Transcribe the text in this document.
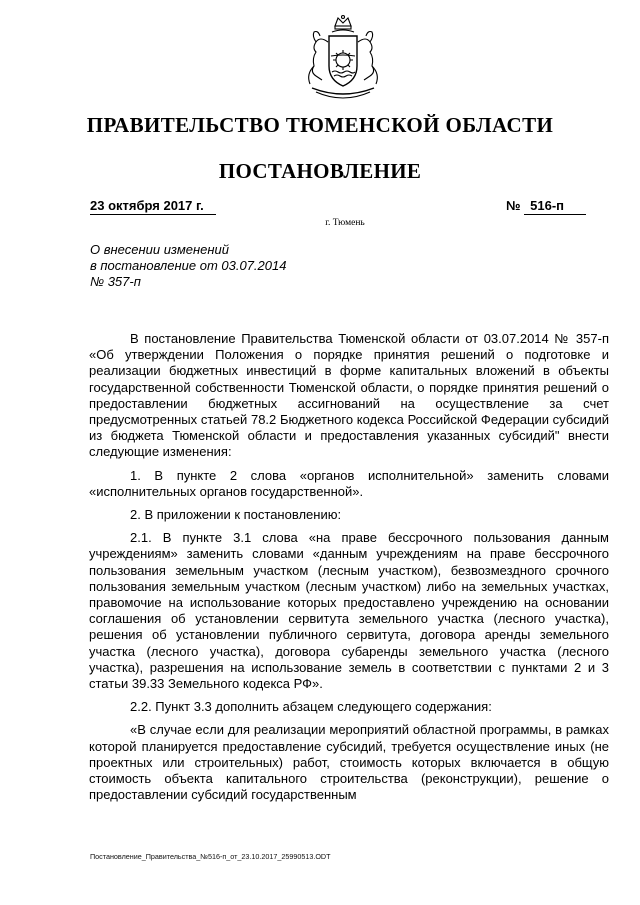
ПРАВИТЕЛЬСТВО ТЮМЕНСКОЙ ОБЛАСТИ
ПОСТАНОВЛЕНИЕ
23 октября 2017 г.	№ 516-п
г. Тюмень
О внесении изменений
в постановление от 03.07.2014
№ 357-п

В постановление Правительства Тюменской области от 03.07.2014 № 357-п «Об утверждении Положения о порядке принятия решений о подготовке и реализации бюджетных инвестиций в форме капитальных вложений в объекты государственной собственности Тюменской области, о порядке принятия решений о предоставлении бюджетных ассигнований на осуществление за счет предусмотренных статьей 78.2 Бюджетного кодекса Российской Федерации субсидий из бюджета Тюменской области и предоставления указанных субсидий" внести следующие изменения:

1. В пункте 2 слова «органов исполнительной» заменить словами «исполнительных органов государственной».

2. В приложении к постановлению:

2.1. В пункте 3.1 слова «на праве бессрочного пользования данным учреждениям» заменить словами «данным учреждениям на праве бессрочного пользования земельным участком (лесным участком), безвозмездного срочного пользования земельным участком (лесным участком) либо на земельных участках, правомочие на использование которых предоставлено учреждению на основании соглашения об установлении сервитута земельного участка (лесного участка), решения об установлении публичного сервитута, договора аренды земельного участка (лесного участка), договора субаренды земельного участка (лесного участка), разрешения на использование земель в соответствии с пунктами 2 и 3 статьи 39.33 Земельного кодекса РФ».

2.2. Пункт 3.3 дополнить абзацем следующего содержания:

«В случае если для реализации мероприятий областной программы, в рамках которой планируется предоставление субсидий, требуется осуществление иных (не проектных или строительных) работ, стоимость которых включается в общую стоимость объекта капитального строительства (реконструкции), решение о предоставлении субсидий государственным

Постановление_Правительства_№516-п_от_23.10.2017_25990513.ODT
